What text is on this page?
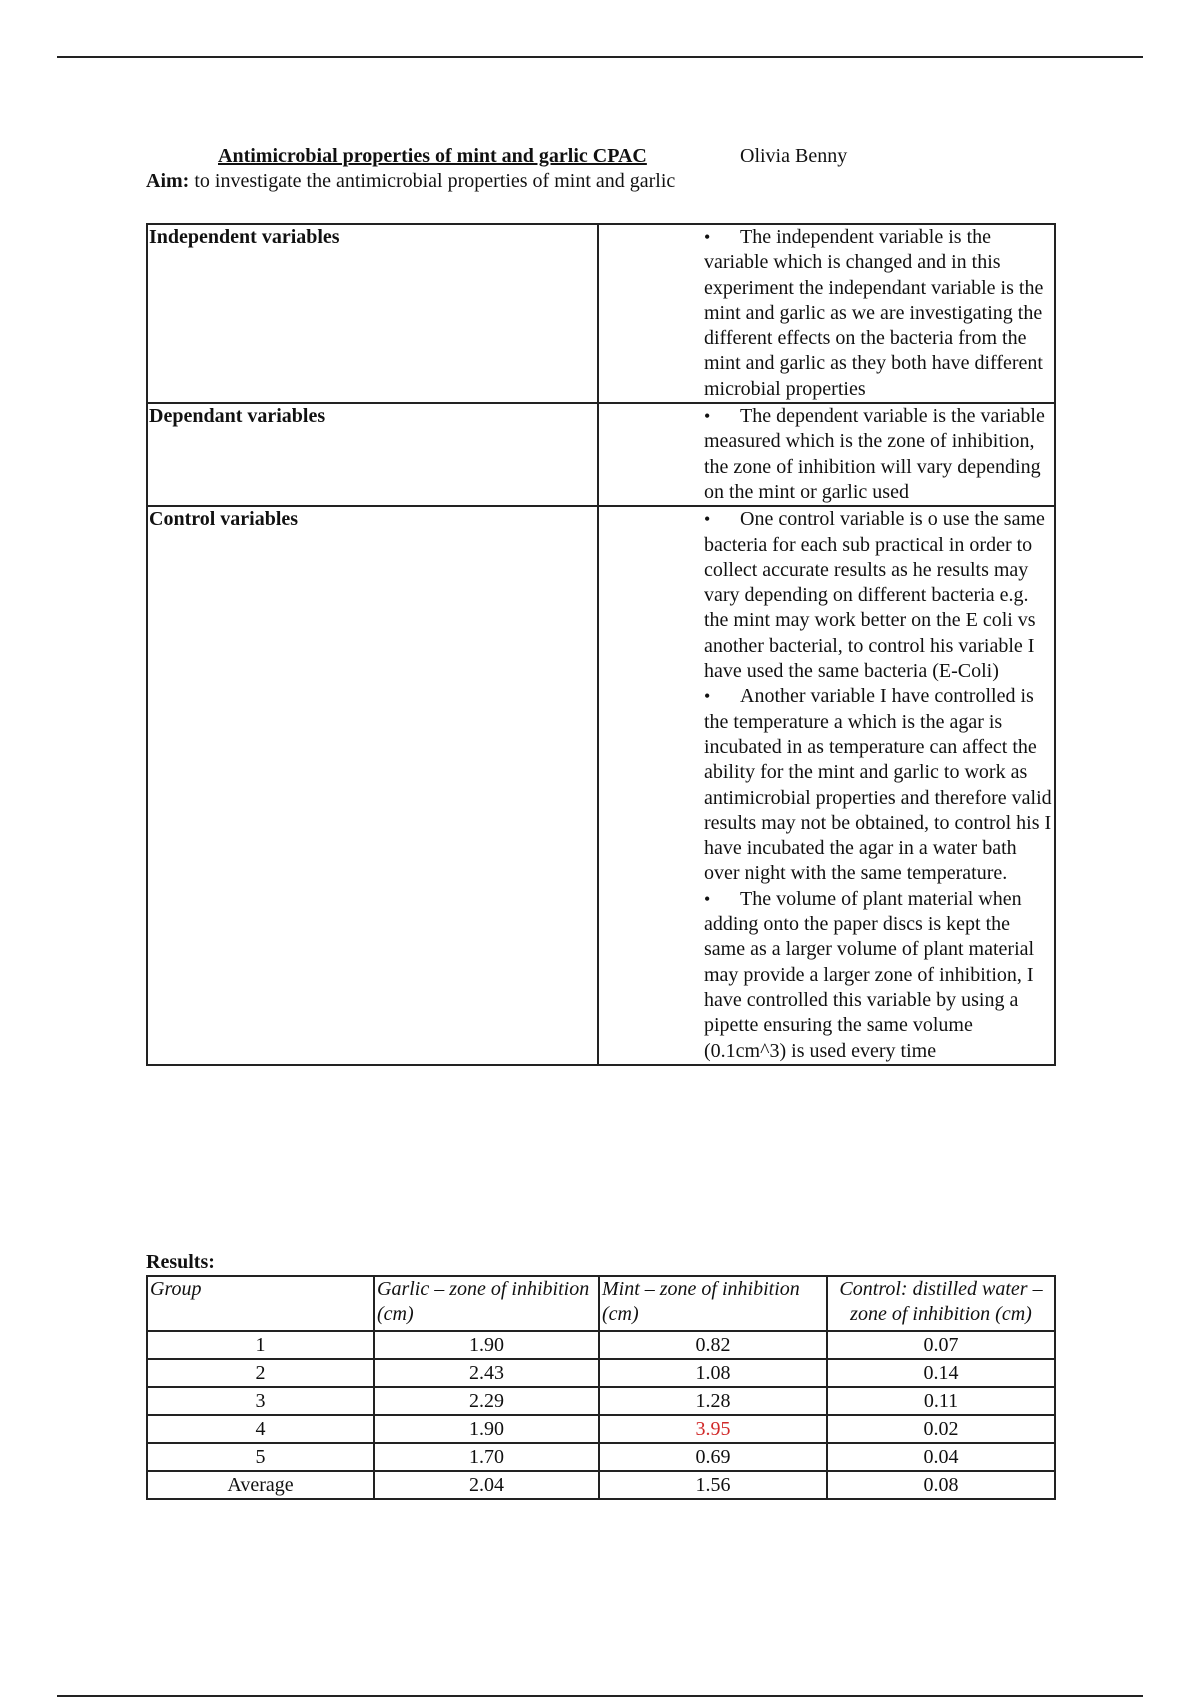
Antimicrobial properties of mint and garlic CPAC	Olivia Benny
Aim: to investigate the antimicrobial properties of mint and garlic
Independent variables	• The independent variable is the variable which is changed and in this experiment the independant variable is the mint and garlic as we are investigating the different effects on the bacteria from the mint and garlic as they both have different microbial properties

Dependant variables	• The dependent variable is the variable measured which is the zone of inhibition, the zone of inhibition will vary depending on the mint or garlic used

Control variables	• One control variable is o use the same bacteria for each sub practical in order to collect accurate results as he results may vary depending on different bacteria e.g. the mint may work better on the E coli vs another bacterial, to control his variable I have used the same bacteria (E-Coli)
• Another variable I have controlled is the temperature a which is the agar is incubated in as temperature can affect the ability for the mint and garlic to work as antimicrobial properties and therefore valid results may not be obtained, to control his I have incubated the agar in a water bath over night with the same temperature.
• The volume of plant material when adding onto the paper discs is kept the same as a larger volume of plant material may provide a larger zone of inhibition, I have controlled this variable by using a pipette ensuring the same volume (0.1cm^3) is used every time
Results:
Group	Garlic – zone of inhibition (cm)	Mint – zone of inhibition (cm)	Control: distilled water – zone of inhibition (cm)
1	1.90	0.82	0.07
2	2.43	1.08	0.14
3	2.29	1.28	0.11
4	1.90	3.95	0.02
5	1.70	0.69	0.04
Average	2.04	1.56	0.08
